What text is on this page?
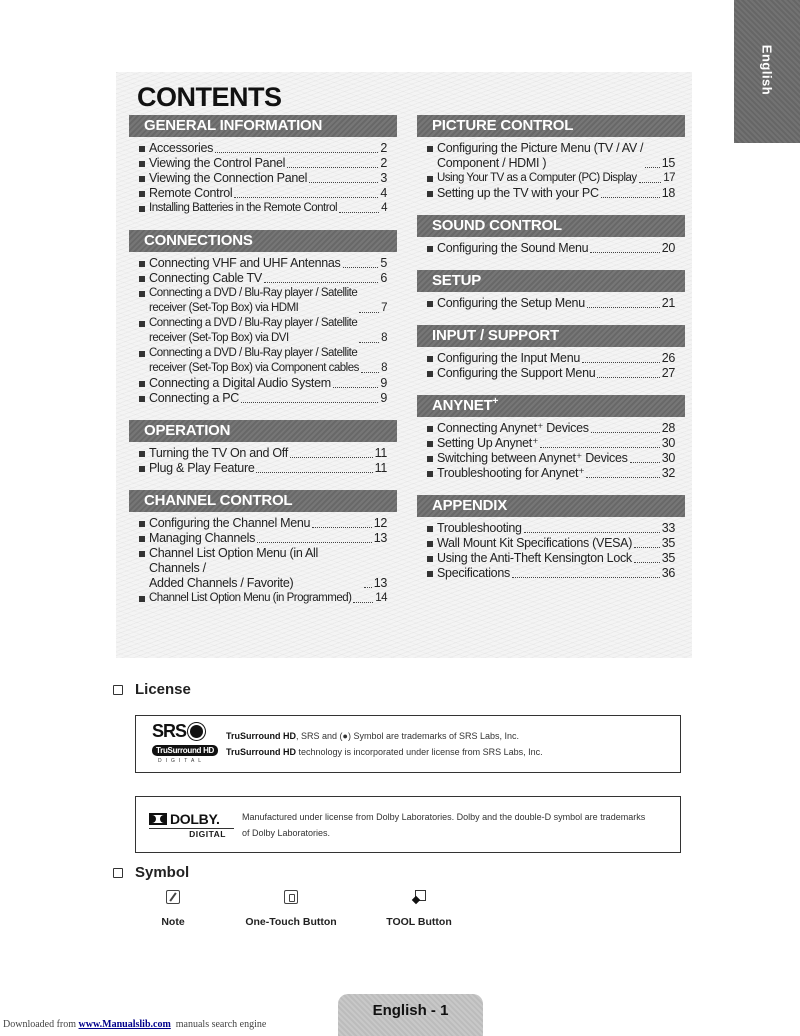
English
CONTENTS
GENERAL INFORMATION
Accessories	2
Viewing the Control Panel	2
Viewing the Connection Panel	3
Remote Control	4
Installing Batteries in the Remote Control	4
CONNECTIONS
Connecting VHF and UHF Antennas	5
Connecting Cable TV	6
Connecting a DVD / Blu-Ray player / Satellite
receiver (Set-Top Box) via HDMI	7
Connecting a DVD / Blu-Ray player / Satellite
receiver (Set-Top Box) via DVI	8
Connecting a DVD / Blu-Ray player / Satellite
receiver (Set-Top Box) via Component cables 8
Connecting a Digital Audio System	9
Connecting a PC	9
OPERATION
Turning the TV On and Off	11
Plug & Play Feature	11
CHANNEL CONTROL
Configuring the Channel Menu	12
Managing Channels	13
Channel List Option Menu (in All Channels /
Added Channels / Favorite)	13
Channel List Option Menu (in Programmed) 14
PICTURE CONTROL
Configuring the Picture Menu (TV / AV /
Component / HDMI )	15
Using Your TV as a Computer (PC) Display 17
Setting up the TV with your PC	18
SOUND CONTROL
Configuring the Sound Menu	20
SETUP
Configuring the Setup Menu	21
INPUT / SUPPORT
Configuring the Input Menu	26
Configuring the Support Menu	27
ANYNET+
Connecting Anynet⁺ Devices	28
Setting Up Anynet⁺	30
Switching between Anynet⁺ Devices	30
Troubleshooting for Anynet⁺	32
APPENDIX
Troubleshooting	33
Wall Mount Kit Specifications (VESA) 35
Using the Anti-Theft Kensington Lock 35
Specifications	36
License
SRS
TruSurround HD
DIGITAL
TruSurround HD, SRS and (●) Symbol are trademarks of SRS Labs, Inc.
TruSurround HD technology is incorporated under license from SRS Labs, Inc.
DOLBY.
DIGITAL
Manufactured under license from Dolby Laboratories. Dolby and the double-D symbol are trademarks
of Dolby Laboratories.
Symbol
Note	One-Touch Button	TOOL Button
English - 1
Downloaded from www.Manualslib.com  manuals search engine
